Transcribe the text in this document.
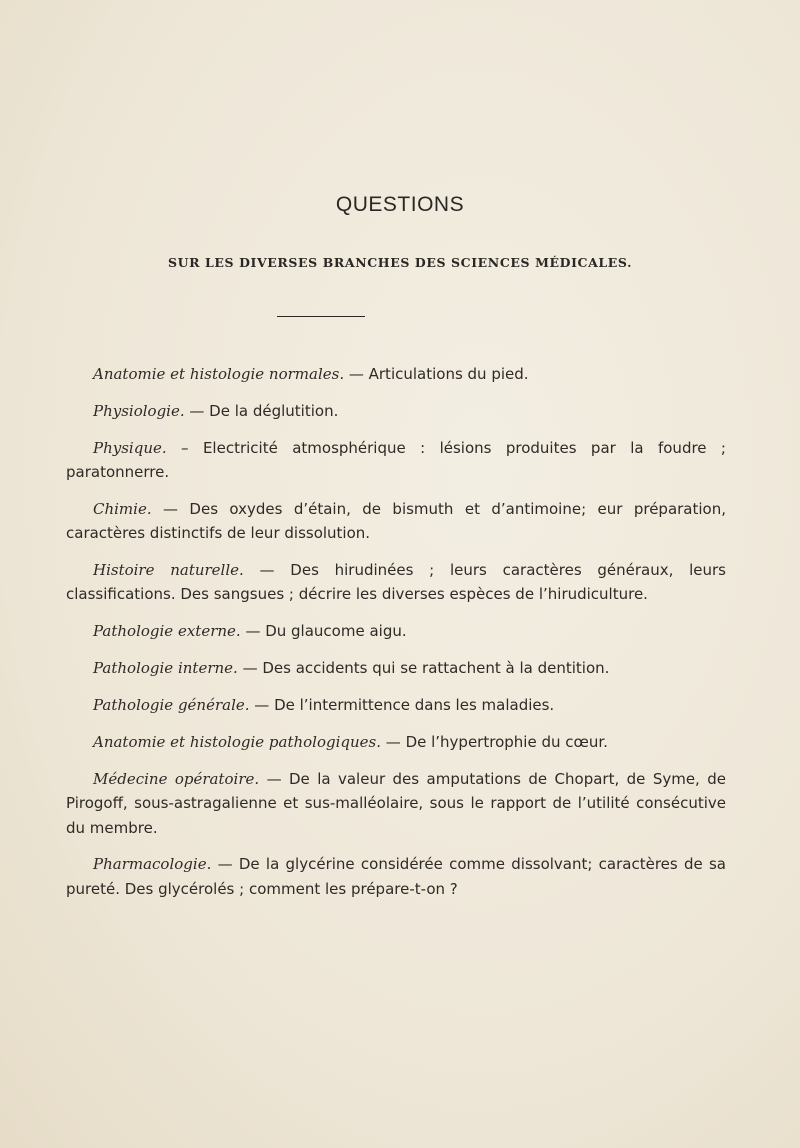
QUESTIONS
SUR LES DIVERSES BRANCHES DES SCIENCES MÉDICALES.

Anatomie et histologie normales. — Articulations du pied.

Physiologie. — De la déglutition.

Physique. – Electricité atmosphérique : lésions produites par la foudre ; paratonnerre.

Chimie. — Des oxydes d’étain, de bismuth et d’antimoine; eur préparation, caractères distinctifs de leur dissolution.

Histoire naturelle. — Des hirudinées ; leurs caractères généraux, leurs classifications. Des sangsues ; décrire les diverses espèces de l’hirudiculture.

Pathologie externe. — Du glaucome aigu.

Pathologie interne. — Des accidents qui se rattachent à la dentition.

Pathologie générale. — De l’intermittence dans les maladies.

Anatomie et histologie pathologiques. — De l’hypertrophie du cœur.

Médecine opératoire. — De la valeur des amputations de Chopart, de Syme, de Pirogoff, sous-astragalienne et sus-malléolaire, sous le rapport de l’utilité consécutive du membre.

Pharmacologie. — De la glycérine considérée comme dissolvant; caractères de sa pureté. Des glycérolés ; comment les prépare-t-on ?
